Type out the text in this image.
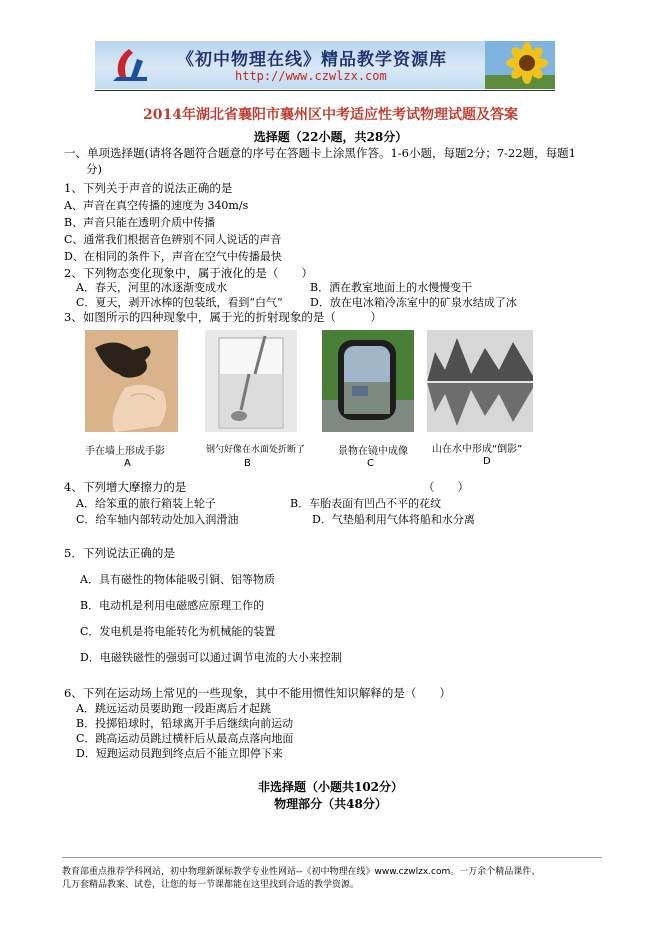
《初中物理在线》精品教学资源库
http://www.czwlzx.com
2014年湖北省襄阳市襄州区中考适应性考试物理试题及答案
选择题（22小题，共28分）
一、单项选择题(请将各题符合题意的序号在答题卡上涂黑作答。1-6小题，每题2分；7-22题，每题1
分)
1、下列关于声音的说法正确的是
A、声音在真空传播的速度为 340m/s
B、声音只能在透明介质中传播
C、通常我们根据音色辨别不同人说话的声音
D、在相同的条件下，声音在空气中传播最快
2、下列物态变化现象中，属于液化的是（　　）
A．春天，河里的冰逐渐变成水	B．洒在教室地面上的水慢慢变干
C．夏天，剥开冰棒的包装纸，看到“白气” D．放在电冰箱冷冻室中的矿泉水结成了冰
3、如图所示的四种现象中，属于光的折射现象的是（　　　）
手在墙上形成手影	钢勺好像在水面处折断了	景物在镜中成像 山在水中形成“倒影”
A	B	C	D
4、下列增大摩擦力的是	（　　）
A．给笨重的旅行箱装上轮子	B．车胎表面有凹凸不平的花纹
C．给车轴内部转动处加入润滑油	D．气垫船利用气体将船和水分离
5．下列说法正确的是
A．具有磁性的物体能吸引铜、铝等物质
B．电动机是利用电磁感应原理工作的
C．发电机是将电能转化为机械能的装置
D．电磁铁磁性的强弱可以通过调节电流的大小来控制
6、下列在运动场上常见的一些现象，其中不能用惯性知识解释的是（　　）
A．跳远运动员要助跑一段距离后才起跳
B．投掷铅球时，铅球离开手后继续向前运动
C．跳高运动员跳过横杆后从最高点落向地面
D．短跑运动员跑到终点后不能立即停下来
非选择题（小题共102分）
物理部分（共48分）
教育部重点推荐学科网站，初中物理新课标教学专业性网站--《初中物理在线》www.czwlzx.com。一万余个精品课件、
几万套精品教案、试卷，让您的每一节课都能在这里找到合适的教学资源。
